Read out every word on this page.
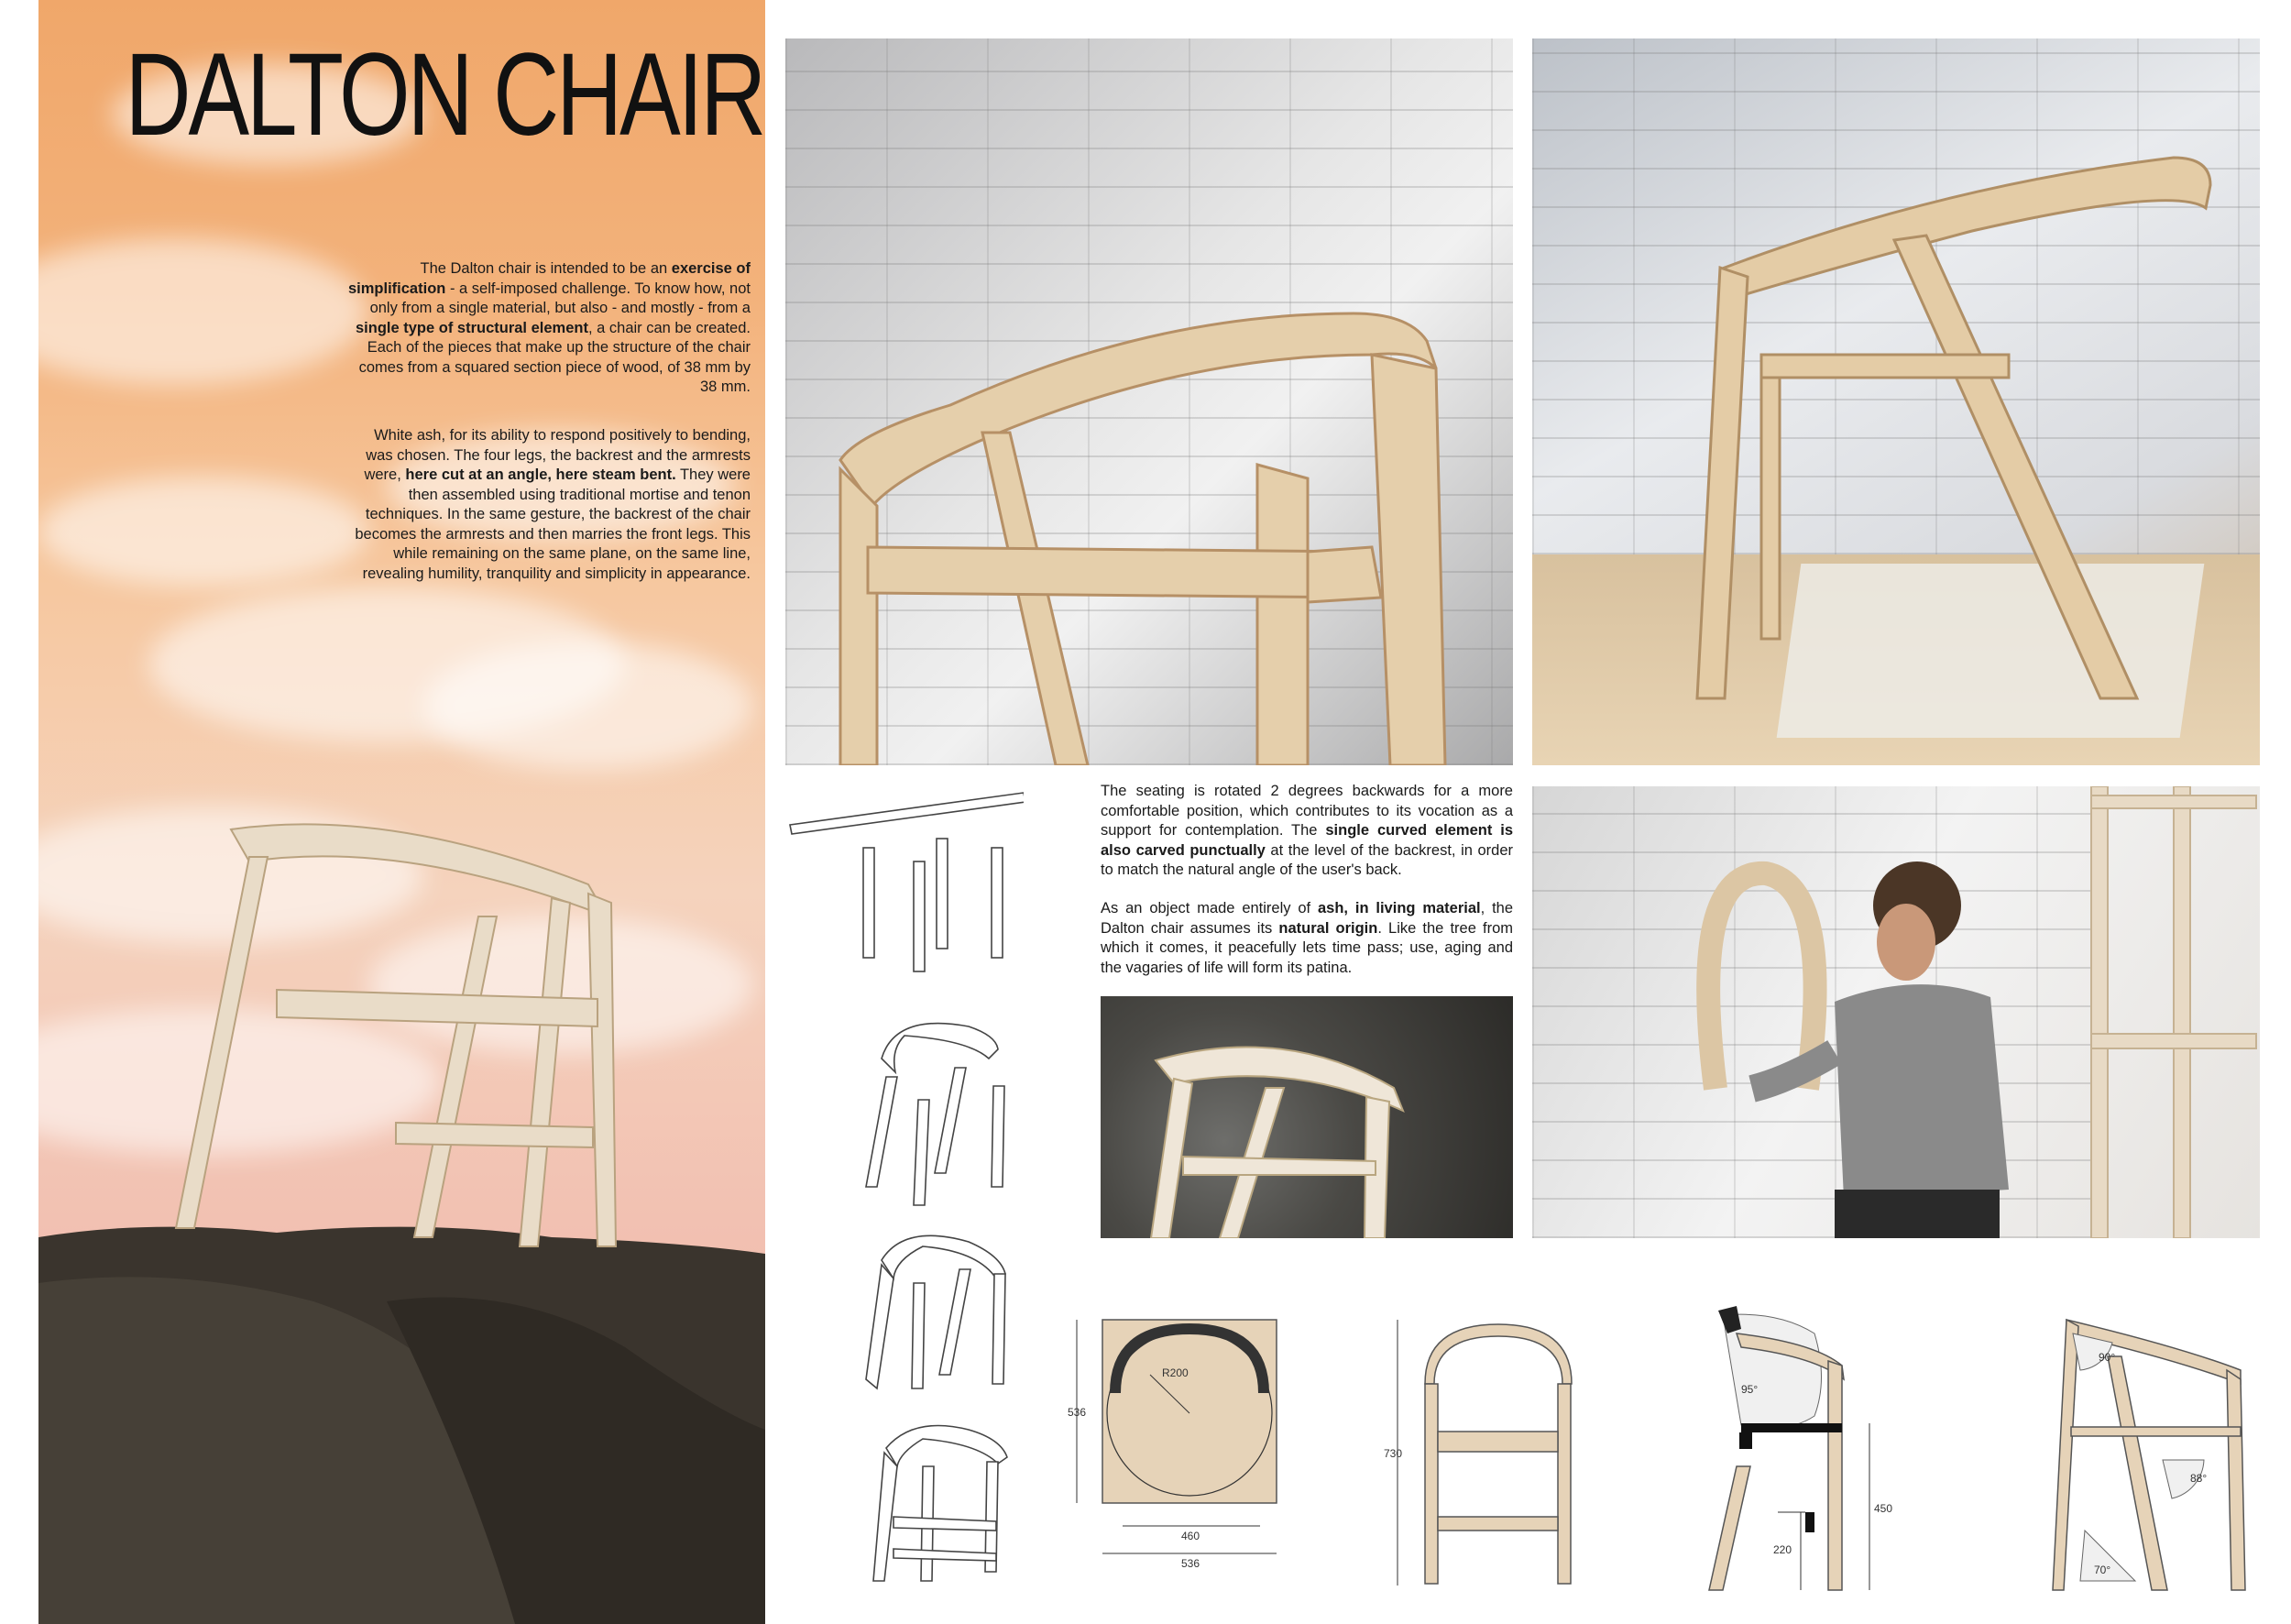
DALTON CHAIR
The Dalton chair is intended to be an exercise of simplification - a self-imposed challenge. To know how, not only from a single material, but also - and mostly - from a single type of structural element, a chair can be created. Each of the pieces that make up the structure of the chair comes from a squared section piece of wood, of 38 mm by 38 mm.
White ash, for its ability to respond positively to bending, was chosen. The four legs, the backrest and the armrests were, here cut at an angle, here steam bent. They were then assembled using traditional mortise and tenon techniques. In the same gesture, the backrest of the chair becomes the armrests and then marries the front legs. This while remaining on the same plane, on the same line, revealing humility, tranquility and simplicity in appearance.
The seating is rotated 2 degrees backwards for a more comfortable position, which contributes to its vocation as a support for contemplation. The single curved element is also carved punctually at the level of the backrest, in order to match the natural angle of the user's back.
As an object made entirely of ash, in living material, the Dalton chair assumes its natural origin. Like the tree from which it comes, it peacefully lets time pass; use, aging and the vagaries of life will form its patina.
R200
536
460
536
730
95°
450
220
90°
88°
70°
